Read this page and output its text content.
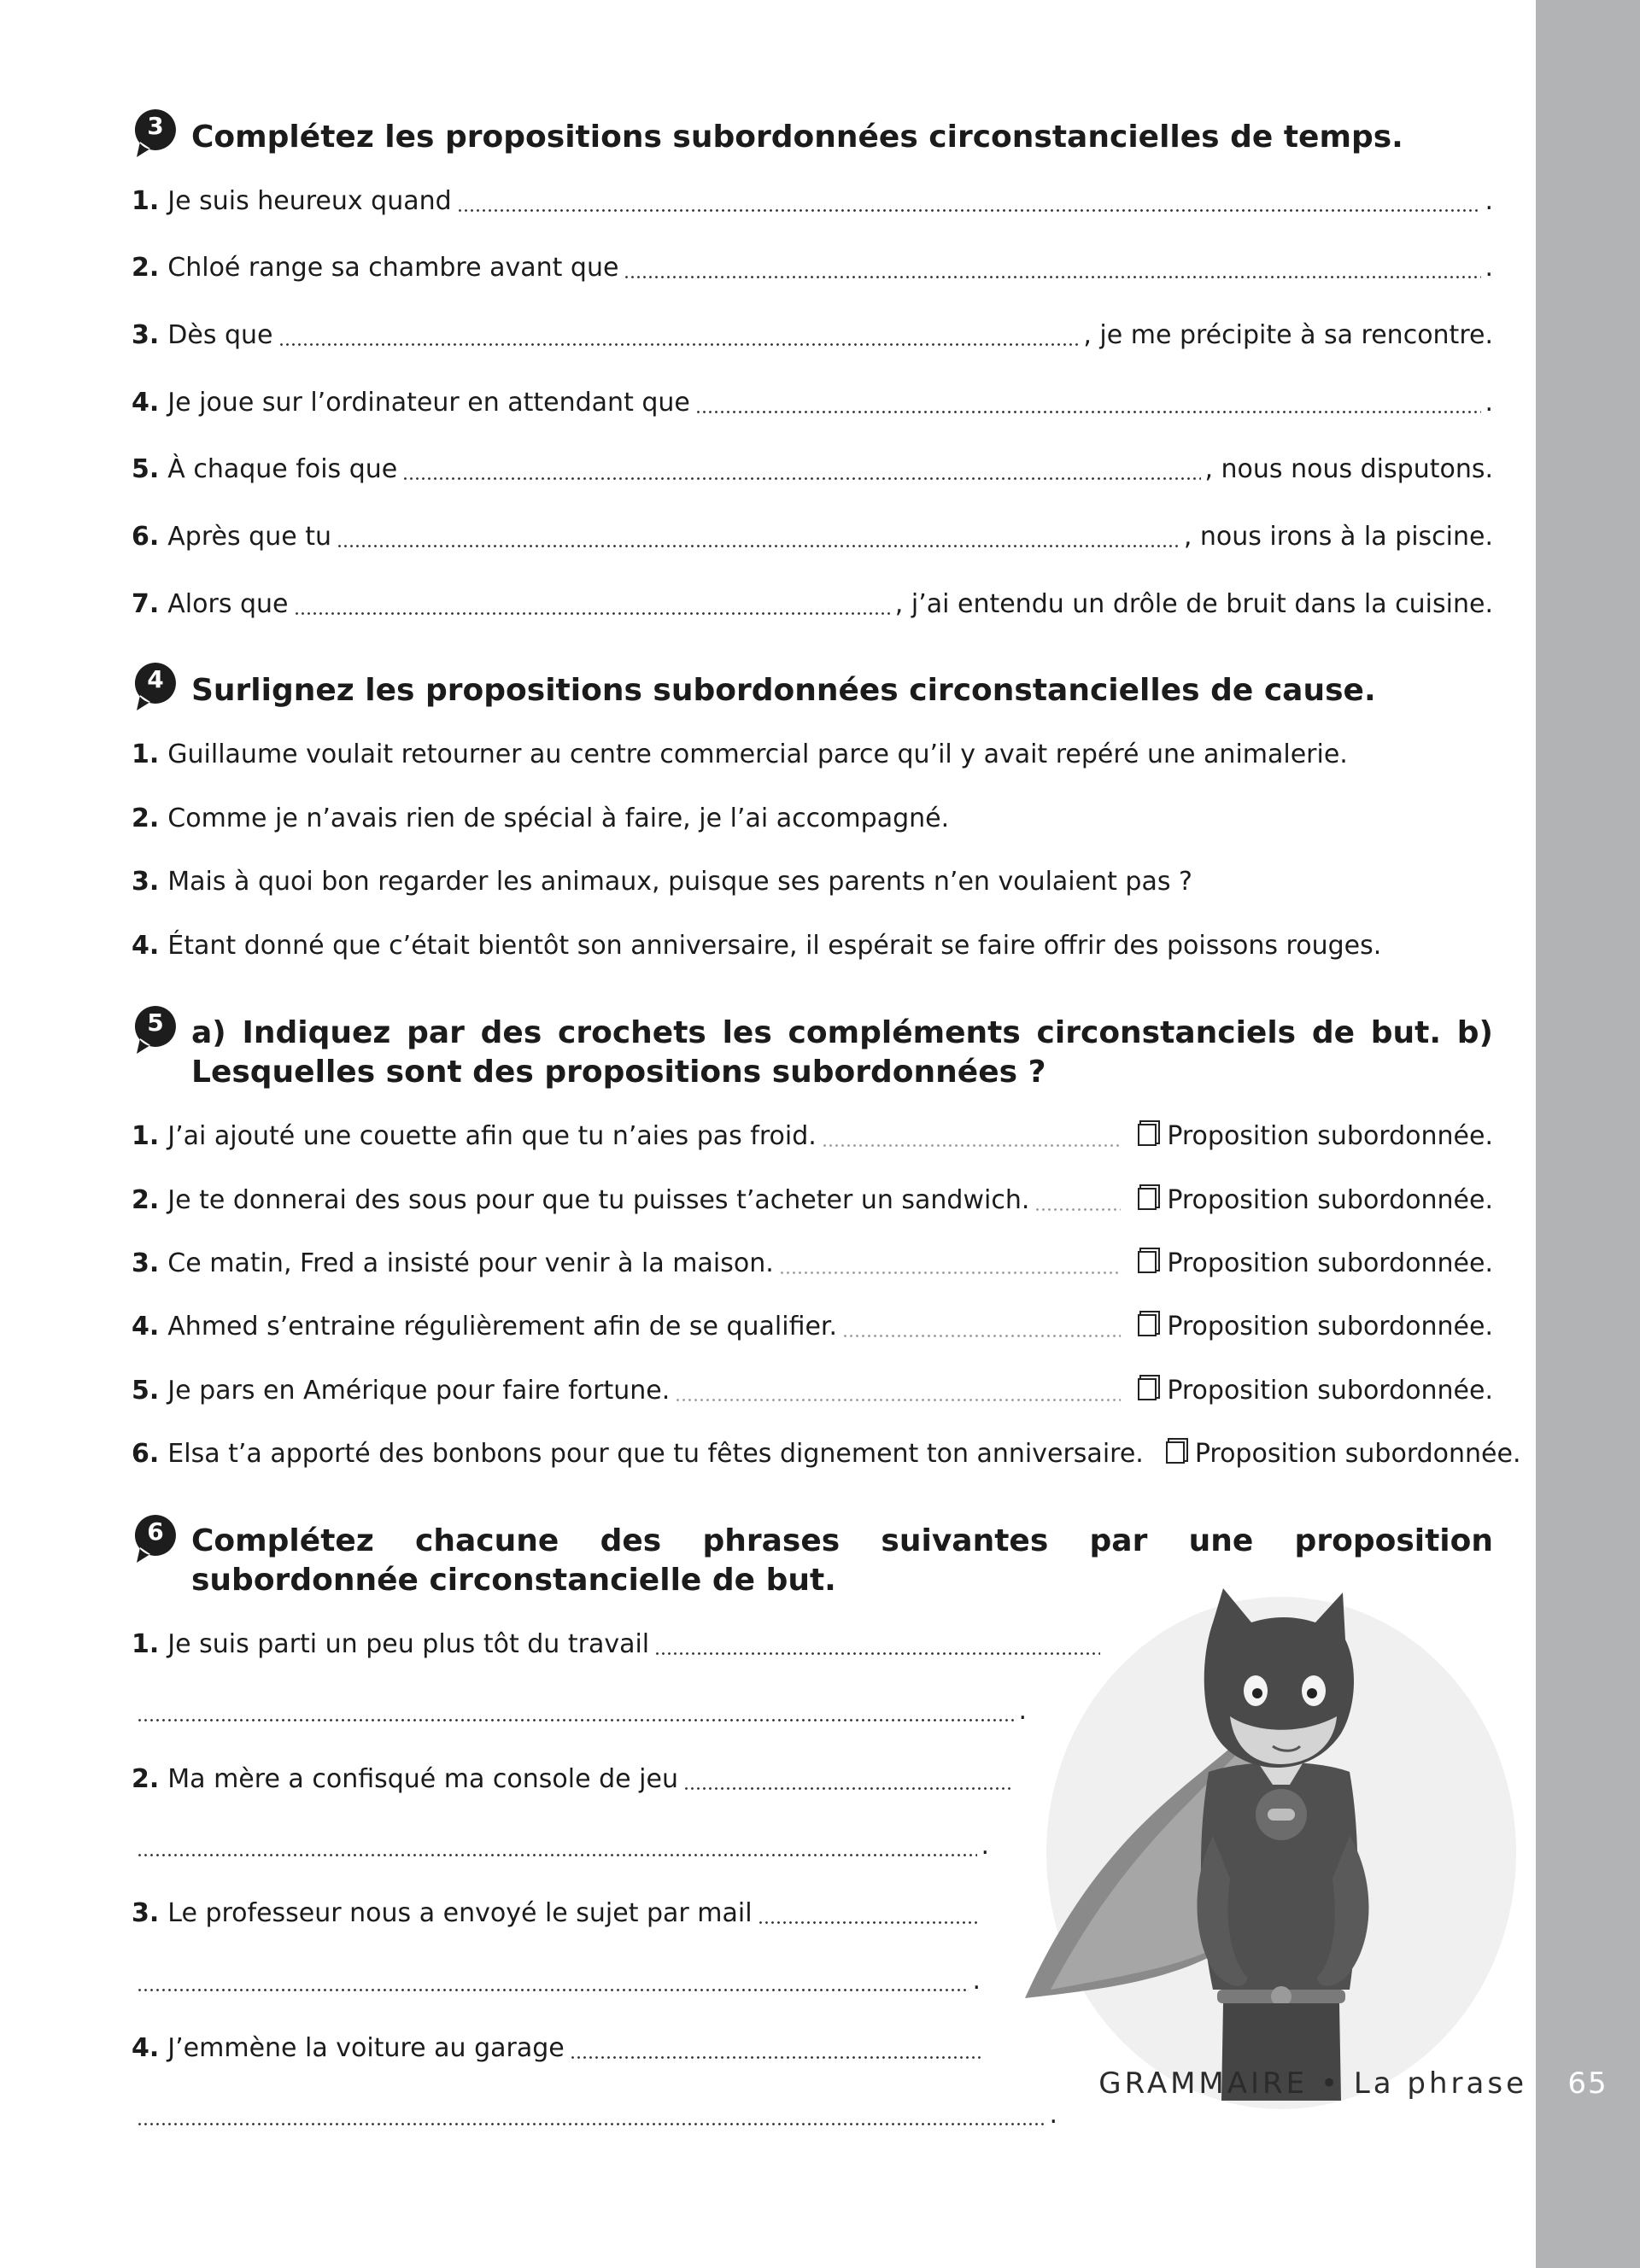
3 Complétez les propositions subordonnées circonstancielles de temps.
1. Je suis heureux quand	.
2. Chloé range sa chambre avant que	.
3. Dès que	, je me précipite à sa rencontre.
4. Je joue sur l’ordinateur en attendant que	.
5. À chaque fois que	, nous nous disputons.
6. Après que tu	, nous irons à la piscine.
7. Alors que	, j’ai entendu un drôle de bruit dans la cuisine.
4 Surlignez les propositions subordonnées circonstancielles de cause.
1. Guillaume voulait retourner au centre commercial parce qu’il y avait repéré une animalerie.
2. Comme je n’avais rien de spécial à faire, je l’ai accompagné.
3. Mais à quoi bon regarder les animaux, puisque ses parents n’en voulaient pas ?
4. Étant donné que c’était bientôt son anniversaire, il espérait se faire offrir des poissons rouges.
5 a) Indiquez par des crochets les compléments circonstanciels de but. b) Lesquelles sont des propositions subordonnées ?
1. J’ai ajouté une couette afin que tu n’aies pas froid.	Proposition subordonnée.
2. Je te donnerai des sous pour que tu puisses t’acheter un sandwich.	Proposition subordonnée.
3. Ce matin, Fred a insisté pour venir à la maison.	Proposition subordonnée.
4. Ahmed s’entraine régulièrement afin de se qualifier.	Proposition subordonnée.
5. Je pars en Amérique pour faire fortune.	Proposition subordonnée.
6. Elsa t’a apporté des bonbons pour que tu fêtes dignement ton anniversaire.	Proposition subordonnée.
6 Complétez chacune des phrases suivantes par une proposition subordonnée circonstancielle de but.
1. Je suis parti un peu plus tôt du travail
.
2. Ma mère a confisqué ma console de jeu
.
3. Le professeur nous a envoyé le sujet par mail
.
4. J’emmène la voiture au garage
.
GRAMMAIRE • La phrase	65
